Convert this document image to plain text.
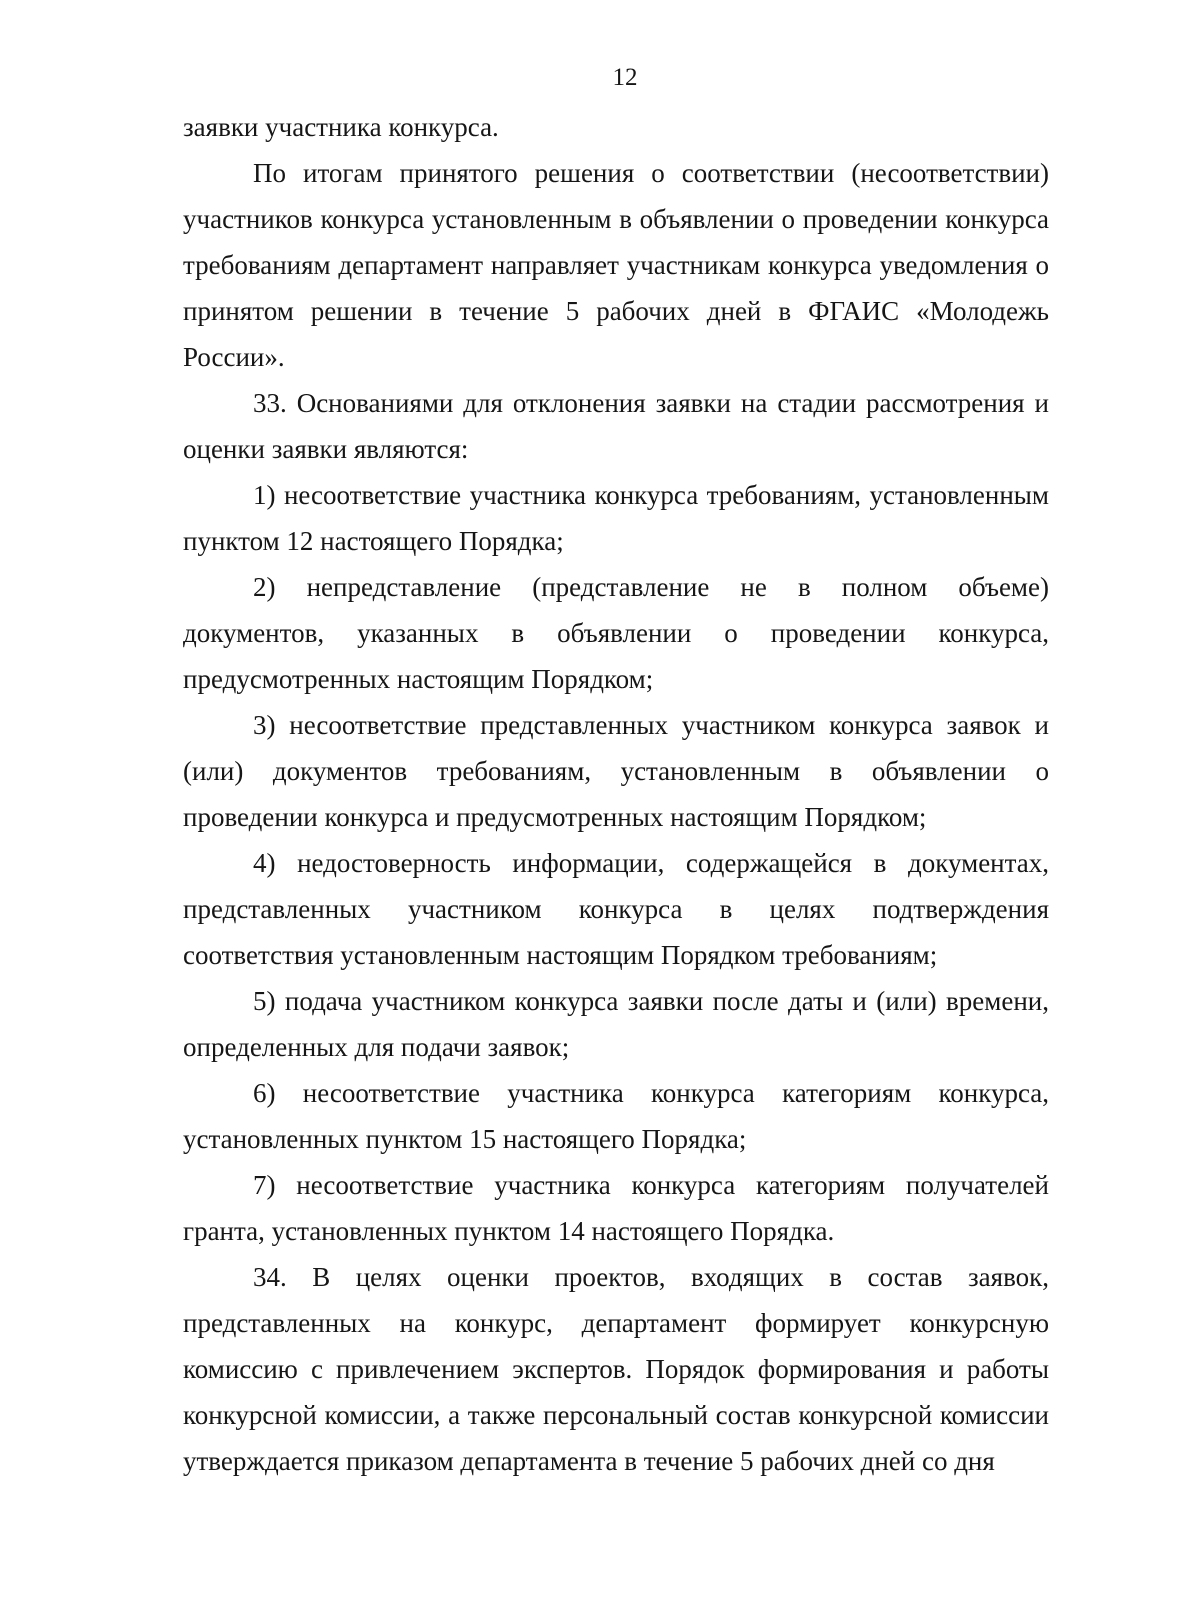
12

заявки участника конкурса.

По итогам принятого решения о соответствии (несоответствии) участников конкурса установленным в объявлении о проведении конкурса требованиям департамент направляет участникам конкурса уведомления о принятом решении в течение 5 рабочих дней в ФГАИС «Молодежь России».

33. Основаниями для отклонения заявки на стадии рассмотрения и оценки заявки являются:

1) несоответствие участника конкурса требованиям, установленным пунктом 12 настоящего Порядка;

2) непредставление (представление не в полном объеме) документов, указанных в объявлении о проведении конкурса, предусмотренных настоящим Порядком;

3) несоответствие представленных участником конкурса заявок и (или) документов требованиям, установленным в объявлении о проведении конкурса и предусмотренных настоящим Порядком;

4) недостоверность информации, содержащейся в документах, представленных участником конкурса в целях подтверждения соответствия установленным настоящим Порядком требованиям;

5) подача участником конкурса заявки после даты и (или) времени, определенных для подачи заявок;

6) несоответствие участника конкурса категориям конкурса, установленных пунктом 15 настоящего Порядка;

7) несоответствие участника конкурса категориям получателей гранта, установленных пунктом 14 настоящего Порядка.

34. В целях оценки проектов, входящих в состав заявок, представленных на конкурс, департамент формирует конкурсную комиссию с привлечением экспертов. Порядок формирования и работы конкурсной комиссии, а также персональный состав конкурсной комиссии утверждается приказом департамента в течение 5 рабочих дней со дня
